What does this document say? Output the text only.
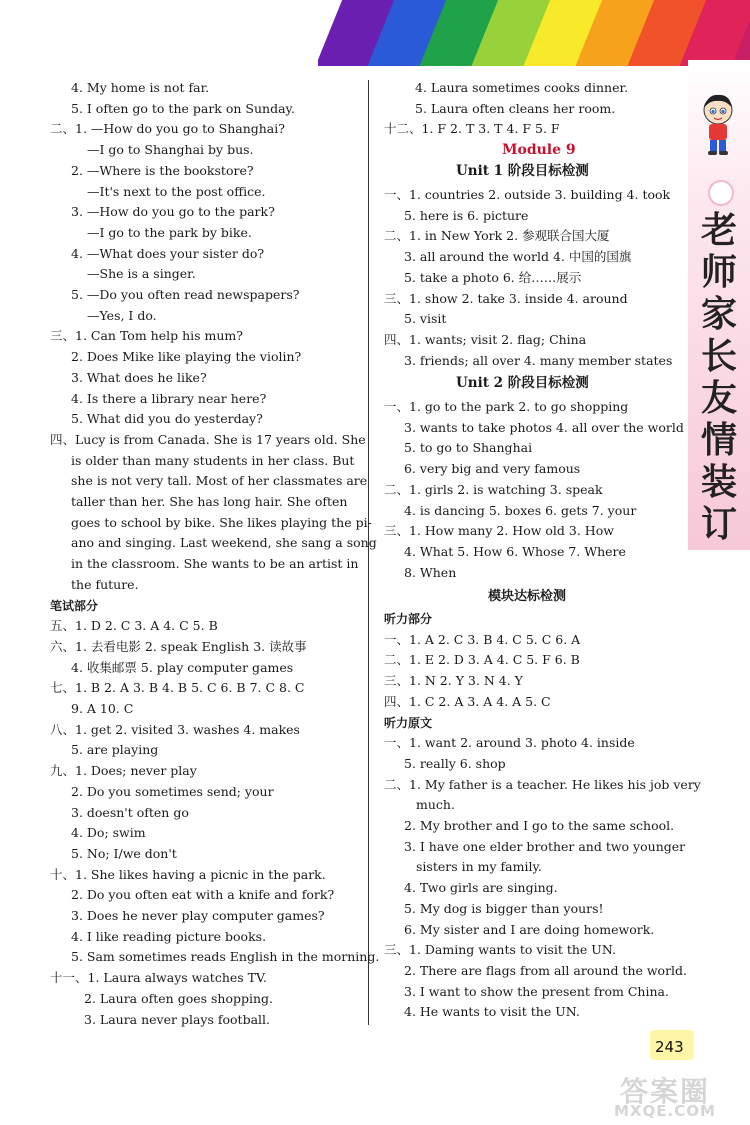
老
师
家
长
友
情
装
订
4. My home is not far.
5. I often go to the park on Sunday.
二、1. —How do you go to Shanghai?
—I go to Shanghai by bus.
2. —Where is the bookstore?
—It's next to the post office.
3. —How do you go to the park?
—I go to the park by bike.
4. —What does your sister do?
—She is a singer.
5. —Do you often read newspapers?
—Yes, I do.
三、1. Can Tom help his mum?
2. Does Mike like playing the violin?
3. What does he like?
4. Is there a library near here?
5. What did you do yesterday?
四、Lucy is from Canada. She is 17 years old. She
is older than many students in her class. But
she is not very tall. Most of her classmates are
taller than her. She has long hair. She often
goes to school by bike. She likes playing the pi-
ano and singing. Last weekend, she sang a song
in the classroom. She wants to be an artist in
the future.
笔试部分
五、1. D 2. C 3. A 4. C 5. B
六、1. 去看电影 2. speak English 3. 读故事
4. 收集邮票 5. play computer games
七、1. B 2. A 3. B 4. B 5. C 6. B 7. C 8. C
9. A 10. C
八、1. get 2. visited 3. washes 4. makes
5. are playing
九、1. Does; never play
2. Do you sometimes send; your
3. doesn't often go
4. Do; swim
5. No; I/we don't
十、1. She likes having a picnic in the park.
2. Do you often eat with a knife and fork?
3. Does he never play computer games?
4. I like reading picture books.
5. Sam sometimes reads English in the morning.
十一、1. Laura always watches TV.
2. Laura often goes shopping.
3. Laura never plays football.
4. Laura sometimes cooks dinner.
5. Laura often cleans her room.
十二、1. F 2. T 3. T 4. F 5. F
Module 9
Unit 1 阶段目标检测
一、1. countries 2. outside 3. building 4. took
5. here is 6. picture
二、1. in New York 2. 参观联合国大厦
3. all around the world 4. 中国的国旗
5. take a photo 6. 给……展示
三、1. show 2. take 3. inside 4. around
5. visit
四、1. wants; visit 2. flag; China
3. friends; all over 4. many member states
Unit 2 阶段目标检测
一、1. go to the park 2. to go shopping
3. wants to take photos 4. all over the world
5. to go to Shanghai
6. very big and very famous
二、1. girls 2. is watching 3. speak
4. is dancing 5. boxes 6. gets 7. your
三、1. How many 2. How old 3. How
4. What 5. How 6. Whose 7. Where
8. When
模块达标检测
听力部分
一、1. A 2. C 3. B 4. C 5. C 6. A
二、1. E 2. D 3. A 4. C 5. F 6. B
三、1. N 2. Y 3. N 4. Y
四、1. C 2. A 3. A 4. A 5. C
听力原文
一、1. want 2. around 3. photo 4. inside
5. really 6. shop
二、1. My father is a teacher. He likes his job very
much.
2. My brother and I go to the same school.
3. I have one elder brother and two younger
sisters in my family.
4. Two girls are singing.
5. My dog is bigger than yours!
6. My sister and I are doing homework.
三、1. Daming wants to visit the UN.
2. There are flags from all around the world.
3. I want to show the present from China.
4. He wants to visit the UN.
243
答案圈
MXQE.COM
